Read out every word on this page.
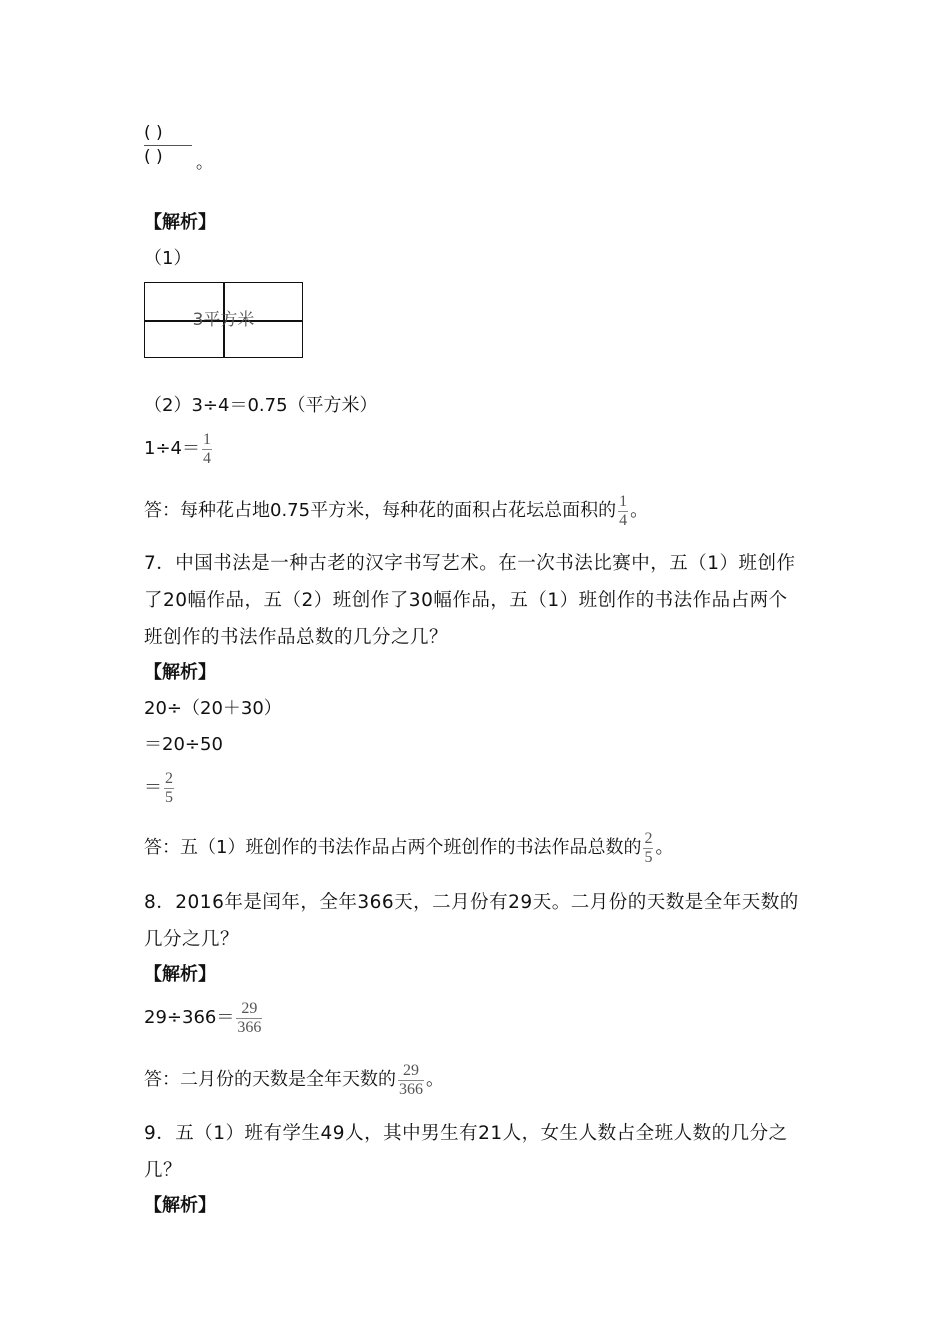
( )
( )	。
【解析】
（1）
3平方米
（2）3÷4＝0.75（平方米）
$1\div 4= \frac{1}{4}$
答：每种花占地0.75平方米，每种花的面积占花坛总面积的 $\frac{1}{4}$ 。
7．中国书法是一种古老的汉字书写艺术。在一次书法比赛中，五（1）班创作了20幅作品，五（2）班创作了30幅作品，五（1）班创作的书法作品占两个班创作的书法作品总数的几分之几？
【解析】
20÷（20＋30）
＝20÷50
＝ $\frac{2}{5}$
答：五（1）班创作的书法作品占两个班创作的书法作品总数的 $\frac{2}{5}$ 。
8．2016年是闰年，全年366天，二月份有29天。二月份的天数是全年天数的几分之几？
【解析】
$29\div 366= \frac{29}{366}$
答：二月份的天数是全年天数的 $\frac{29}{366}$ 。
9．五（1）班有学生49人，其中男生有21人，女生人数占全班人数的几分之几？
【解析】
